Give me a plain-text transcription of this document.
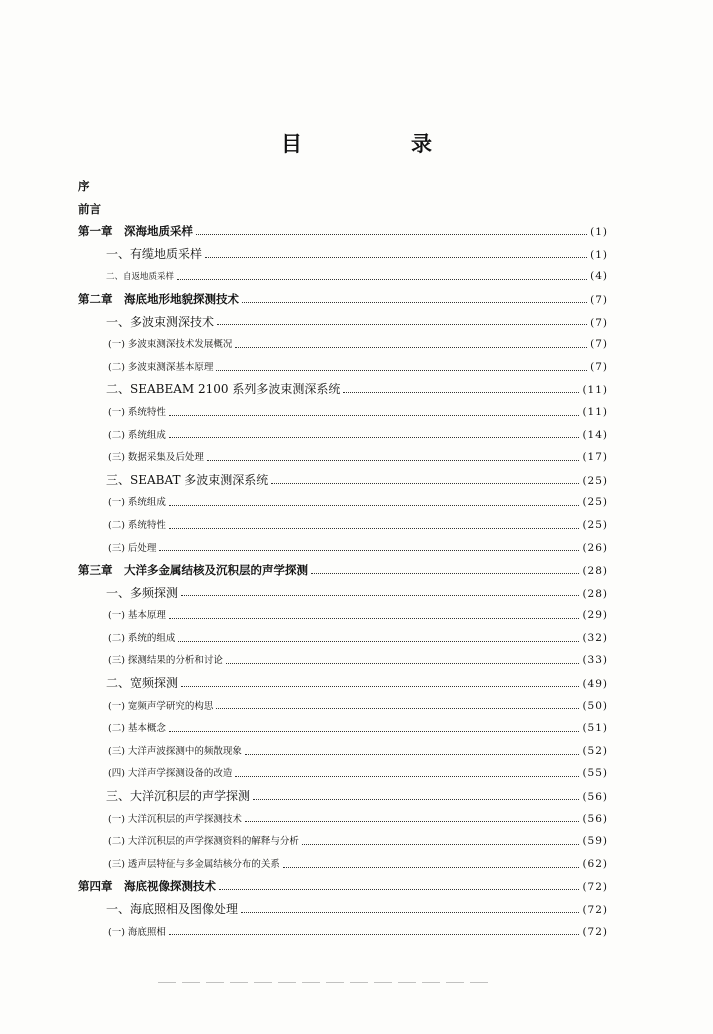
目　录
序
前言
第一章　深海地质采样	(1)
一、有缆地质采样	(1)
二、自返地质采样	(4)
第二章　海底地形地貌探测技术	(7)
一、多波束测深技术	(7)
(一) 多波束测深技术发展概况	(7)
(二) 多波束测深基本原理	(7)
二、SEABEAM 2100 系列多波束测深系统	(11)
(一) 系统特性	(11)
(二) 系统组成	(14)
(三) 数据采集及后处理	(17)
三、SEABAT 多波束测深系统	(25)
(一) 系统组成	(25)
(二) 系统特性	(25)
(三) 后处理	(26)
第三章　大洋多金属结核及沉积层的声学探测	(28)
一、多频探测	(28)
(一) 基本原理	(29)
(二) 系统的组成	(32)
(三) 探测结果的分析和讨论	(33)
二、宽频探测	(49)
(一) 宽频声学研究的构思	(50)
(二) 基本概念	(51)
(三) 大洋声波探测中的频散现象	(52)
(四) 大洋声学探测设备的改造	(55)
三、大洋沉积层的声学探测	(56)
(一) 大洋沉积层的声学探测技术	(56)
(二) 大洋沉积层的声学探测资料的解释与分析	(59)
(三) 透声层特征与多金属结核分布的关系	(62)
第四章　海底视像探测技术	(72)
一、海底照相及图像处理	(72)
(一) 海底照相	(72)
